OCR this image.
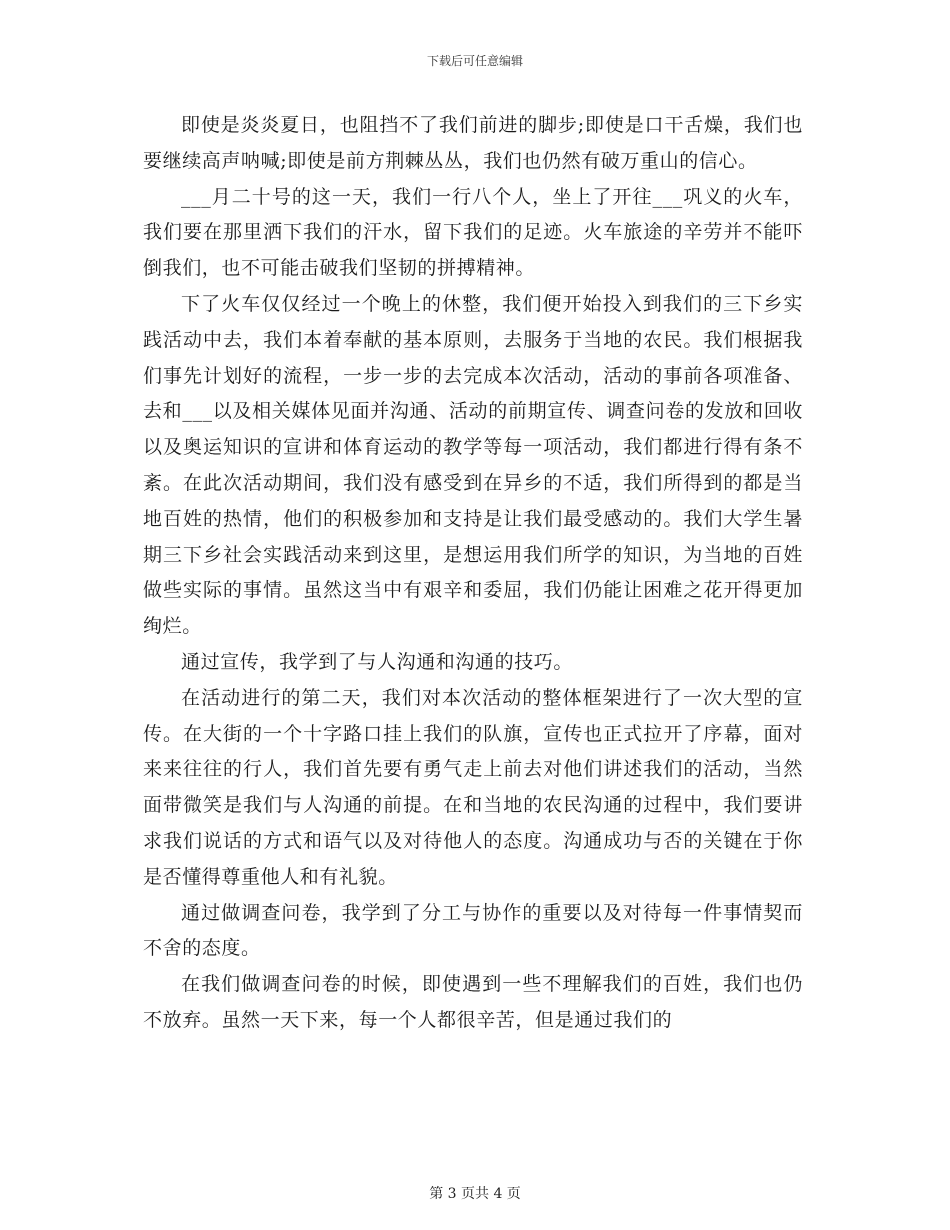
下载后可任意编辑

即使是炎炎夏日，也阻挡不了我们前进的脚步;即使是口干舌燥，我们也要继续高声呐喊;即使是前方荆棘丛丛，我们也仍然有破万重山的信心。

___月二十号的这一天，我们一行八个人，坐上了开往___巩义的火车，我们要在那里洒下我们的汗水，留下我们的足迹。火车旅途的辛劳并不能吓倒我们，也不可能击破我们坚韧的拼搏精神。

下了火车仅仅经过一个晚上的休整，我们便开始投入到我们的三下乡实践活动中去，我们本着奉献的基本原则，去服务于当地的农民。我们根据我们事先计划好的流程，一步一步的去完成本次活动，活动的事前各项准备、去和___以及相关媒体见面并沟通、活动的前期宣传、调查问卷的发放和回收以及奥运知识的宣讲和体育运动的教学等每一项活动，我们都进行得有条不紊。在此次活动期间，我们没有感受到在异乡的不适，我们所得到的都是当地百姓的热情，他们的积极参加和支持是让我们最受感动的。我们大学生暑期三下乡社会实践活动来到这里，是想运用我们所学的知识，为当地的百姓做些实际的事情。虽然这当中有艰辛和委屈，我们仍能让困难之花开得更加绚烂。

通过宣传，我学到了与人沟通和沟通的技巧。

在活动进行的第二天，我们对本次活动的整体框架进行了一次大型的宣传。在大街的一个十字路口挂上我们的队旗，宣传也正式拉开了序幕，面对来来往往的行人，我们首先要有勇气走上前去对他们讲述我们的活动，当然面带微笑是我们与人沟通的前提。在和当地的农民沟通的过程中，我们要讲求我们说话的方式和语气以及对待他人的态度。沟通成功与否的关键在于你是否懂得尊重他人和有礼貌。

通过做调查问卷，我学到了分工与协作的重要以及对待每一件事情契而不舍的态度。

在我们做调查问卷的时候，即使遇到一些不理解我们的百姓，我们也仍不放弃。虽然一天下来，每一个人都很辛苦，但是通过我们的

第 3 页共 4 页
